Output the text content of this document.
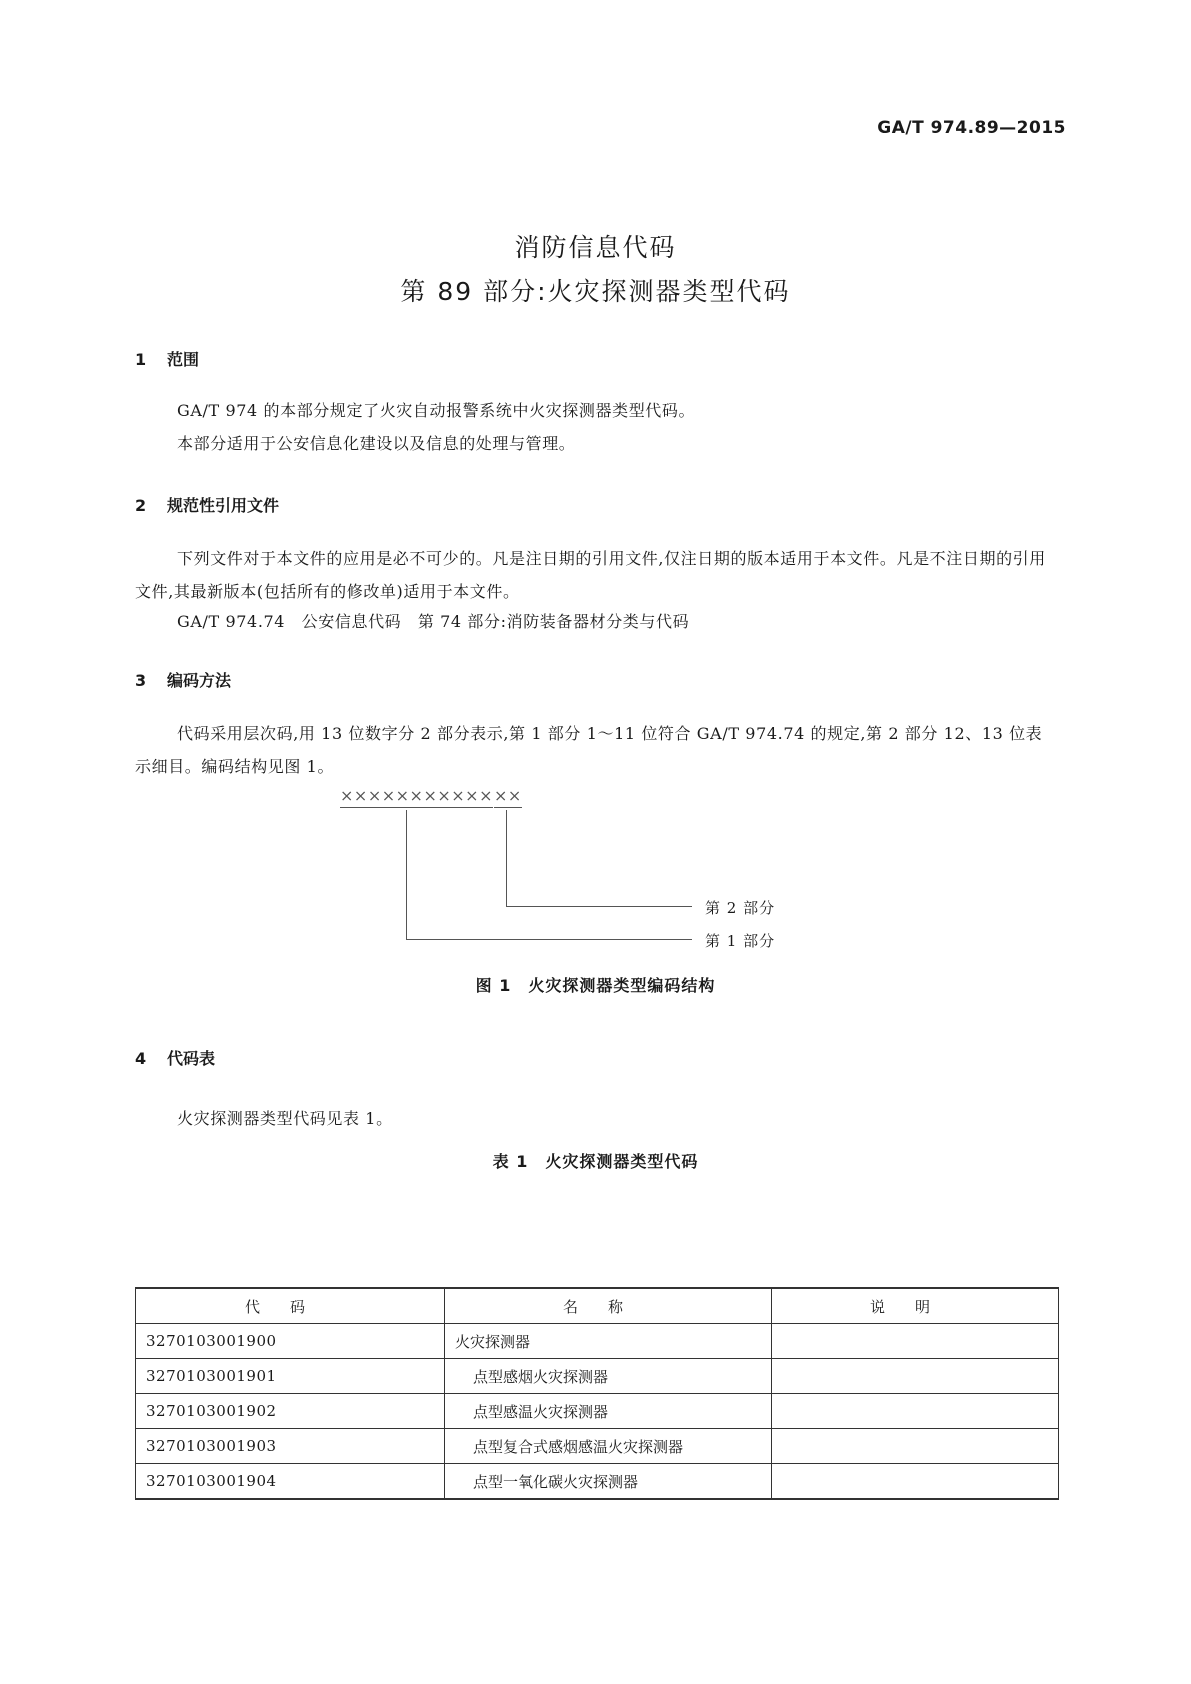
GA/T 974.89—2015
消防信息代码
第 89 部分:火灾探测器类型代码
1 范围
GA/T 974 的本部分规定了火灾自动报警系统中火灾探测器类型代码。
本部分适用于公安信息化建设以及信息的处理与管理。
2 规范性引用文件
下列文件对于本文件的应用是必不可少的。凡是注日期的引用文件,仅注日期的版本适用于本文件。凡是不注日期的引用文件,其最新版本(包括所有的修改单)适用于本文件。
GA/T 974.74　公安信息代码　第 74 部分:消防装备器材分类与代码
3 编码方法
代码采用层次码,用 13 位数字分 2 部分表示,第 1 部分 1～11 位符合 GA/T 974.74 的规定,第 2 部分 12、13 位表示细目。编码结构见图 1。
××××××××××× ××
第 2 部分
第 1 部分
图 1　火灾探测器类型编码结构
4 代码表
火灾探测器类型代码见表 1。
表 1　火灾探测器类型代码
代码	名称	说明
3270103001900	火灾探测器	
3270103001901	点型感烟火灾探测器	
3270103001902	点型感温火灾探测器	
3270103001903	点型复合式感烟感温火灾探测器	
3270103001904	点型一氧化碳火灾探测器	
